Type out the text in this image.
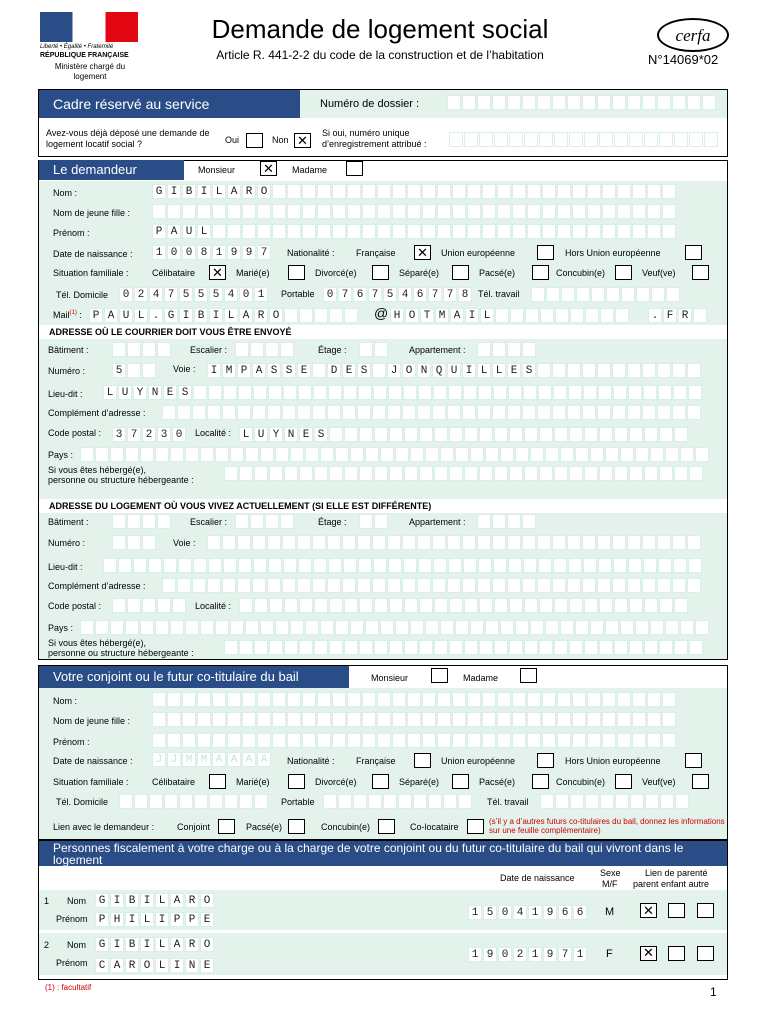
Liberté • Égalité • Fraternité
RÉPUBLIQUE FRANÇAISE
Ministère chargé du logement
Demande de logement social
Article R. 441-2-2 du code de la construction et de l’habitation
cerfa
N°14069*02
Cadre réservé au service	Numéro de dossier :
Avez-vous déjà déposé une demande de logement locatif social ?	Oui	Non ✕	Si oui, numéro unique d’enregistrement attribué :
Le demandeur	Monsieur ✕	Madame
Nom :	G I B I L A R O
Nom de jeune fille :
Prénom :	P A U L
Date de naissance :	1 0 0 8 1 9 9 7	Nationalité : Française ✕	Union européenne	Hors Union européenne
Situation familiale :	Célibataire ✕	Marié(e)	Divorcé(e)	Séparé(e)	Pacsé(e)	Concubin(e)	Veuf(ve)
Tél. Domicile	0 2 4 7 5 5 5 4 0 1	Portable	0 7 6 7 5 4 6 7 7 8	Tél. travail
Mail$^{(1)}$ : P A U L . G I B I L A R O	@ H O T M A I L	. F R
ADRESSE OÙ LE COURRIER DOIT VOUS ÊTRE ENVOYÉ
Bâtiment :	Escalier :	Étage :	Appartement :
Numéro :	5	Voie :	I M P A S S E	D E S	J O N Q U I L L E S
Lieu-dit :	L U Y N E S
Complément d’adresse :
Code postal :	3 7 2 3 0	Localité :	L U Y N E S
Pays :
Si vous êtes hébergé(e),
personne ou structure hébergeante :
ADRESSE DU LOGEMENT OÙ VOUS VIVEZ ACTUELLEMENT (SI ELLE EST DIFFÉRENTE)
Bâtiment :	Escalier :	Étage :	Appartement :
Numéro :	Voie :
Lieu-dit :
Complément d’adresse :
Code postal :	Localité :
Pays :
Si vous êtes hébergé(e),
personne ou structure hébergeante :
Votre conjoint ou le futur co-titulaire du bail	Monsieur	Madame
Nom :
Nom de jeune fille :
Prénom :
Date de naissance :	J J M M A A A A	Nationalité : Française	Union européenne	Hors Union européenne
Situation familiale :	Célibataire	Marié(e)	Divorcé(e)	Séparé(e)	Pacsé(e)	Concubin(e)	Veuf(ve)
Tél. Domicile	Portable	Tél. travail
Lien avec le demandeur :	Conjoint	Pacsé(e)	Concubin(e)	Co-locataire
(s’il y a d’autres futurs co-titulaires du bail, donnez les informations sur une feuille complémentaire)
Personnes fiscalement à votre charge ou à la charge de votre conjoint ou du futur co-titulaire du bail qui vivront dans le logement
Date de naissance	Sexe
M/F
Lien de parenté
parent enfant autre
1 Nom	G I B I L A R O
Prénom	P H I L I P P E
1 5 0 4 1 9 6 6	M ✕
2 Nom	G I B I L A R O
Prénom	C A R O L I N E
1 9 0 2 1 9 7 1	F ✕
(1) : facultatif	1
